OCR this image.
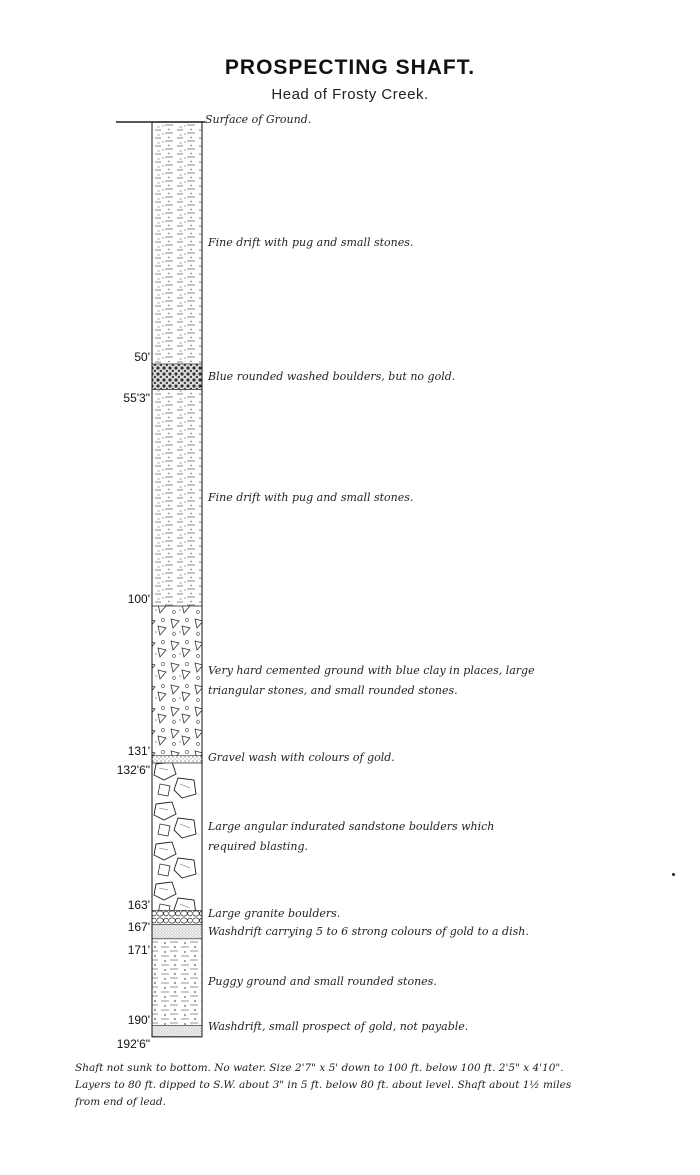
PROSPECTING SHAFT.
Head of Frosty Creek.
Surface of Ground.
Fine drift with pug and small stones.
Blue rounded washed boulders, but no gold.
Fine drift with pug and small stones.
Very hard cemented ground with blue clay in places, large
triangular stones, and small rounded stones.
Gravel wash with colours of gold.
Large angular indurated sandstone boulders which
required blasting.
Large granite boulders.
Washdrift carrying 5 to 6 strong colours of gold to a dish.
Puggy ground and small rounded stones.
Washdrift, small prospect of gold, not payable.
50'
55'3"
100'
131'
132'6"
163'
167'
171'
190'
192'6"
Shaft not sunk to bottom. No water. Size 2'7" x 5' down to 100 ft. below 100 ft. 2'5" x 4'10".
Layers to 80 ft. dipped to S.W. about 3" in 5 ft. below 80 ft. about level. Shaft about 1½ miles
from end of lead.
